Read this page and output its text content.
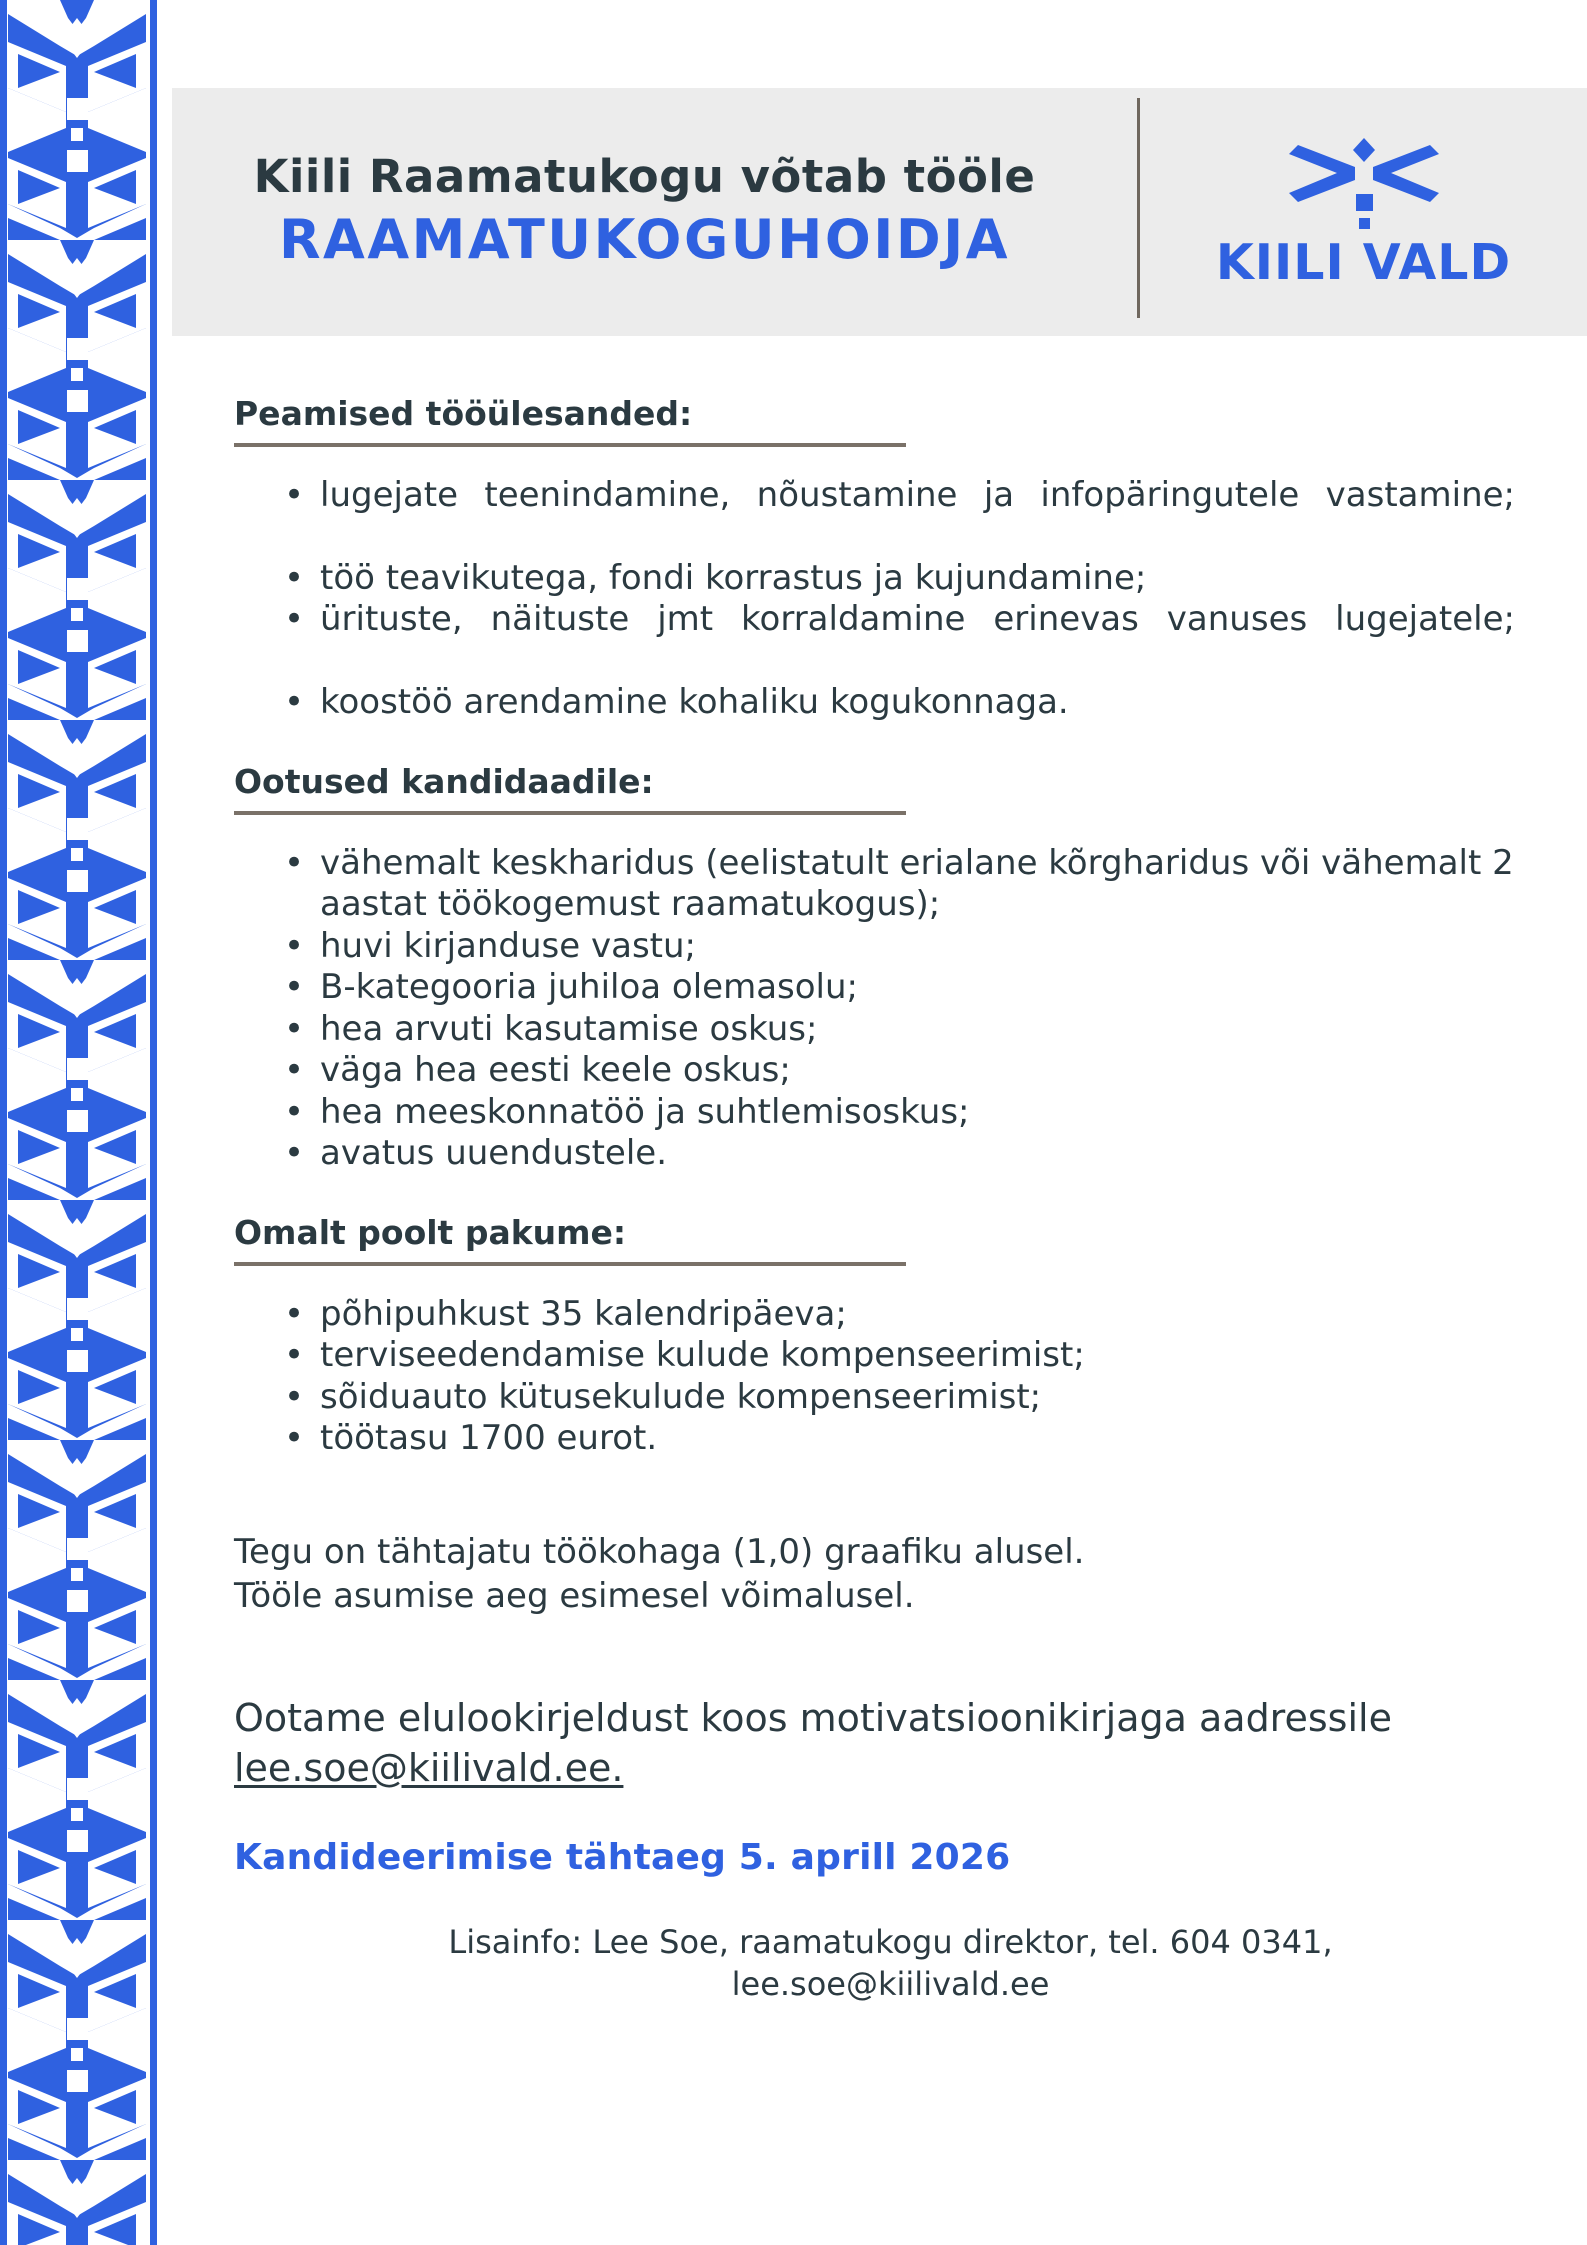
Kiili Raamatukogu võtab tööle
RAAMATUKOGUHOIDJA	KIILI VALD
Peamised tööülesanded:
• lugejate teenindamine, nõustamine ja infopäringutele vastamine;
• töö teavikutega, fondi korrastus ja kujundamine;
• ürituste, näituste jmt korraldamine erinevas vanuses lugejatele;
• koostöö arendamine kohaliku kogukonnaga.
Ootused kandidaadile:
• vähemalt keskharidus (eelistatult erialane kõrgharidus või vähemalt 2 aastat töökogemust raamatukogus);
• huvi kirjanduse vastu;
• B-kategooria juhiloa olemasolu;
• hea arvuti kasutamise oskus;
• väga hea eesti keele oskus;
• hea meeskonnatöö ja suhtlemisoskus;
• avatus uuendustele.
Omalt poolt pakume:
• põhipuhkust 35 kalendripäeva;
• terviseedendamise kulude kompenseerimist;
• sõiduauto kütusekulude kompenseerimist;
• töötasu 1700 eurot.
Tegu on tähtajatu töökohaga (1,0) graafiku alusel.
Tööle asumise aeg esimesel võimalusel.
Ootame elulookirjeldust koos motivatsioonikirjaga aadressile lee.soe@kiilivald.ee.
Kandideerimise tähtaeg 5. aprill 2026
Lisainfo: Lee Soe, raamatukogu direktor, tel. 604 0341,
lee.soe@kiilivald.ee
